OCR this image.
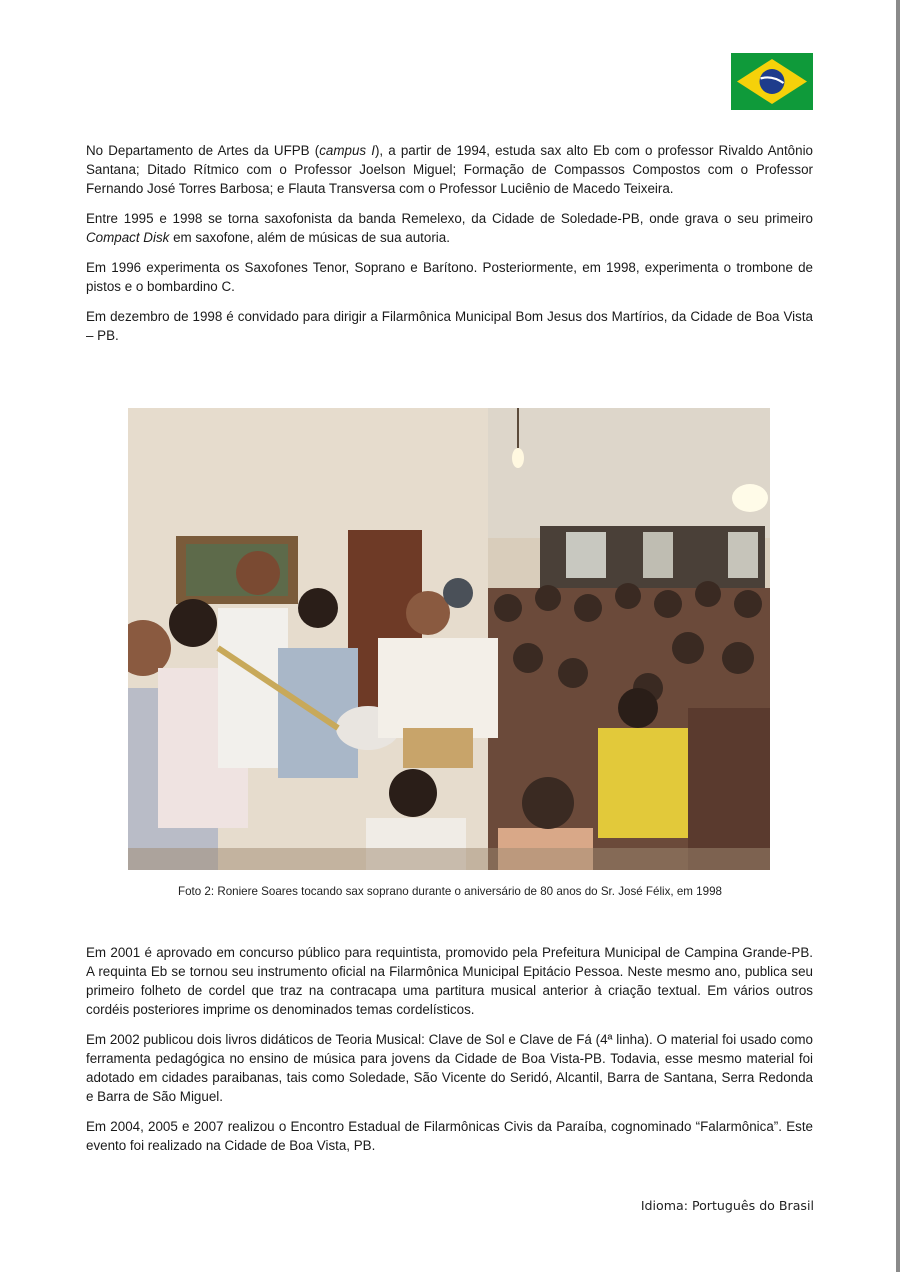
No Departamento de Artes da UFPB (campus I), a partir de 1994, estuda sax alto Eb com o professor Rivaldo Antônio Santana; Ditado Rítmico com o Professor Joelson Miguel; Formação de Compassos Compostos com o Professor Fernando José Torres Barbosa; e Flauta Transversa com o Professor Luciênio de Macedo Teixeira.

Entre 1995 e 1998 se torna saxofonista da banda Remelexo, da Cidade de Soledade-PB, onde grava o seu primeiro Compact Disk em saxofone, além de músicas de sua autoria.

Em 1996 experimenta os Saxofones Tenor, Soprano e Barítono. Posteriormente, em 1998, experimenta o trombone de pistos e o bombardino C.

Em dezembro de 1998 é convidado para dirigir a Filarmônica Municipal Bom Jesus dos Martírios, da Cidade de Boa Vista – PB.

Foto 2: Roniere Soares tocando sax soprano durante o aniversário de 80 anos do Sr. José Félix, em 1998

Em 2001 é aprovado em concurso público para requintista, promovido pela Prefeitura Municipal de Campina Grande-PB. A requinta Eb se tornou seu instrumento oficial na Filarmônica Municipal Epitácio Pessoa. Neste mesmo ano, publica seu primeiro folheto de cordel que traz na contracapa uma partitura musical anterior à criação textual. Em vários outros cordéis posteriores imprime os denominados temas cordelísticos.

Em 2002 publicou dois livros didáticos de Teoria Musical: Clave de Sol e Clave de Fá (4ª linha). O material foi usado como ferramenta pedagógica no ensino de música para jovens da Cidade de Boa Vista-PB. Todavia, esse mesmo material foi adotado em cidades paraibanas, tais como Soledade, São Vicente do Seridó, Alcantil, Barra de Santana, Serra Redonda e Barra de São Miguel.

Em 2004, 2005 e 2007 realizou o Encontro Estadual de Filarmônicas Civis da Paraíba, cognominado “Falarmônica”. Este evento foi realizado na Cidade de Boa Vista, PB.

Idioma: Português do Brasil
